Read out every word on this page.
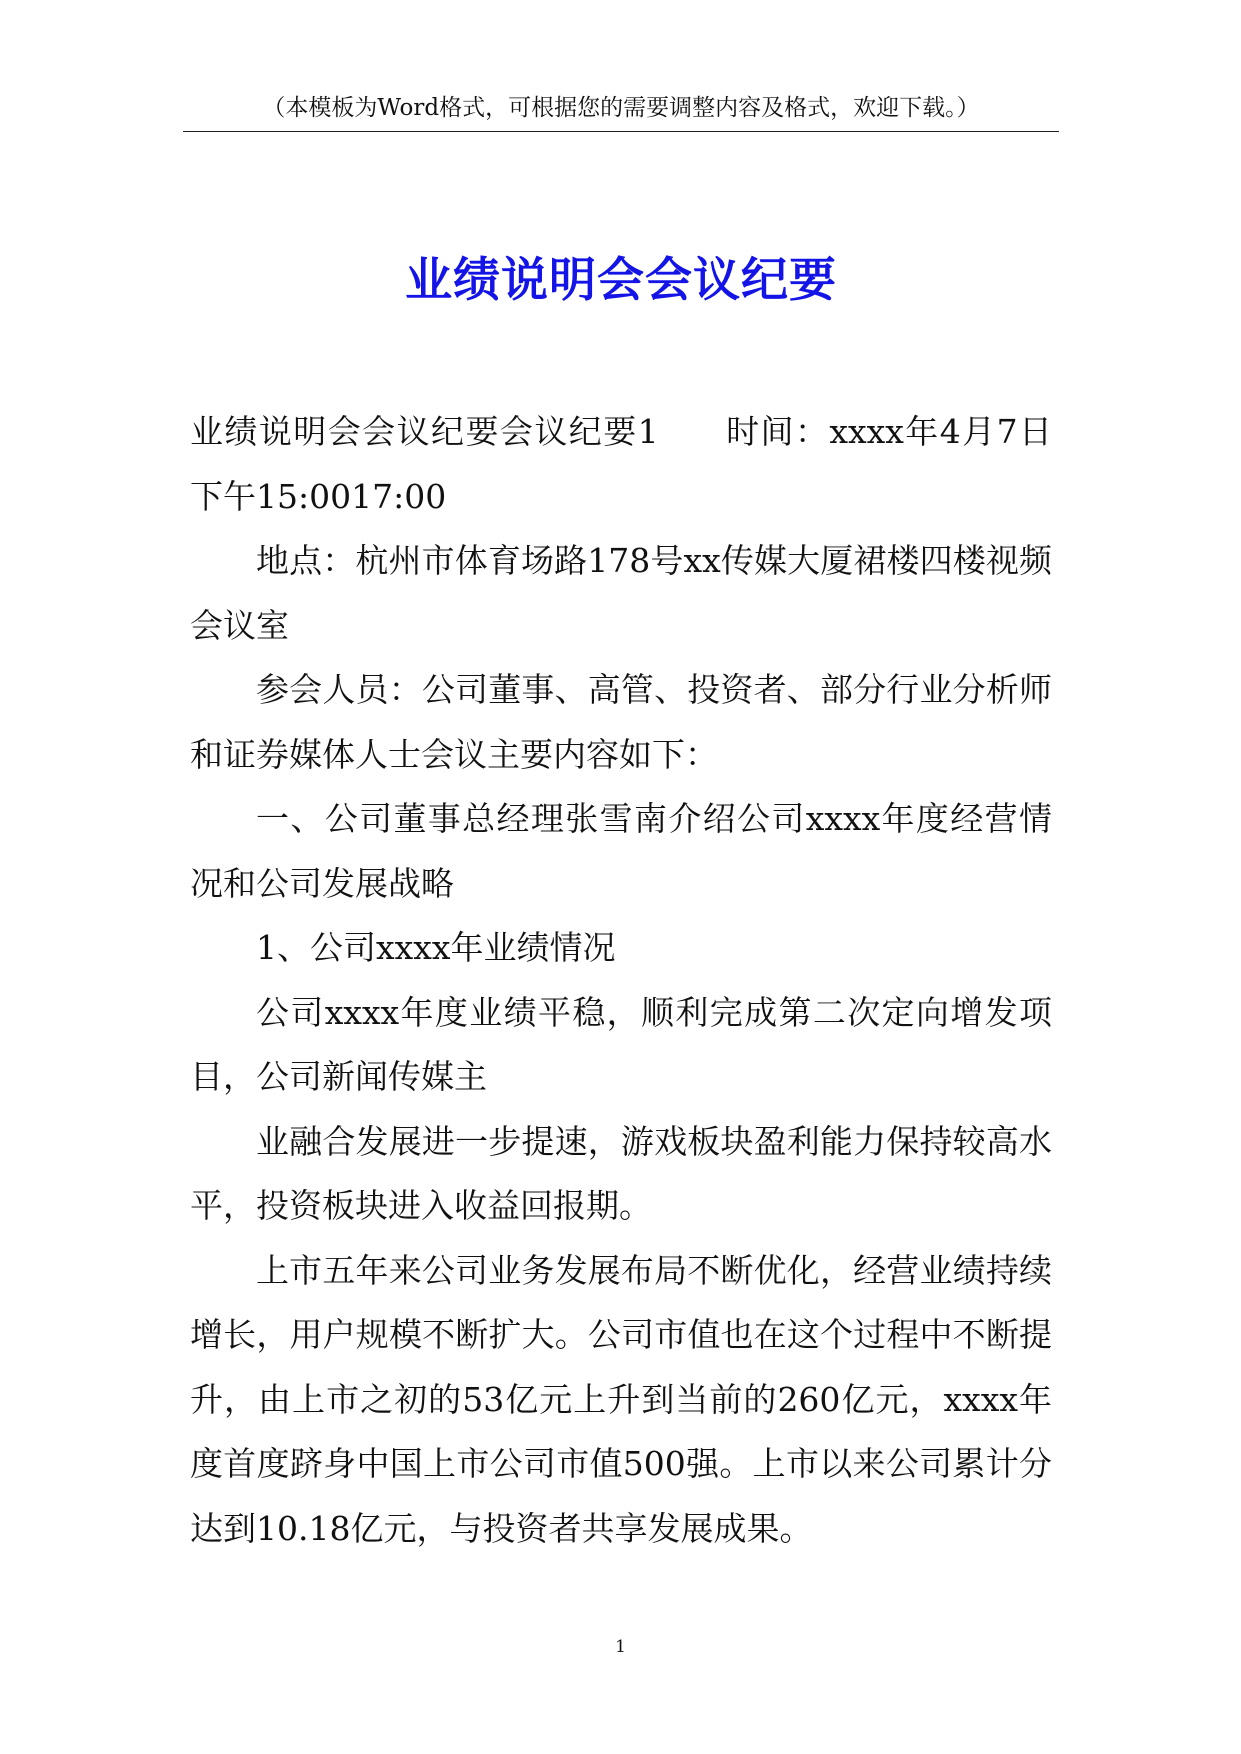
（本模板为Word格式，可根据您的需要调整内容及格式，欢迎下载。）
业绩说明会会议纪要

业绩说明会会议纪要会议纪要1 时间：xxxx年4月7日下午15:0017:00

地点：杭州市体育场路178号xx传媒大厦裙楼四楼视频会议室

参会人员：公司董事、高管、投资者、部分行业分析师和证券媒体人士会议主要内容如下：

一、公司董事总经理张雪南介绍公司xxxx年度经营情况和公司发展战略

1、公司xxxx年业绩情况

公司xxxx年度业绩平稳，顺利完成第二次定向增发项目，公司新闻传媒主

业融合发展进一步提速，游戏板块盈利能力保持较高水平，投资板块进入收益回报期。

上市五年来公司业务发展布局不断优化，经营业绩持续增长，用户规模不断扩大。公司市值也在这个过程中不断提升，由上市之初的53亿元上升到当前的260亿元，xxxx年度首度跻身中国上市公司市值500强。上市以来公司累计分达到10.18亿元，与投资者共享发展成果。

1
